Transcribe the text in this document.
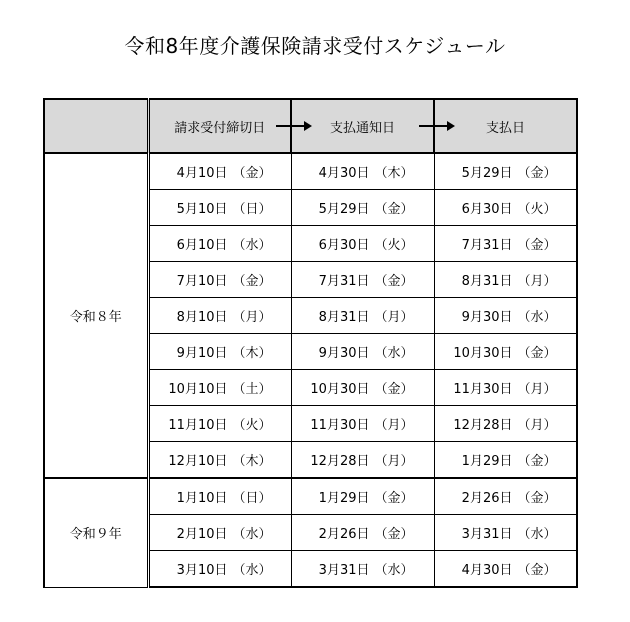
令和8年度介護保険請求受付スケジュール

	請求受付締切日	支払通知日	支払日

令和８年	4月10日 （金）	4月30日 （木）	5月29日 （金）

	5月10日 （日）	5月29日 （金）	6月30日 （火）

	6月10日 （水）	6月30日 （火）	7月31日 （金）

	7月10日 （金）	7月31日 （金）	8月31日 （月）

	8月10日 （月）	8月31日 （月）	9月30日 （水）

	9月10日 （木）	9月30日 （水）	10月30日 （金）

	10月10日 （土）	10月30日 （金）	11月30日 （月）

	11月10日 （火）	11月30日 （月）	12月28日 （月）

	12月10日 （木）	12月28日 （月）	1月29日 （金）

令和９年	1月10日 （日）	1月29日 （金）	2月26日 （金）

	2月10日 （水）	2月26日 （金）	3月31日 （水）

	3月10日 （水）	3月31日 （水）	4月30日 （金）
